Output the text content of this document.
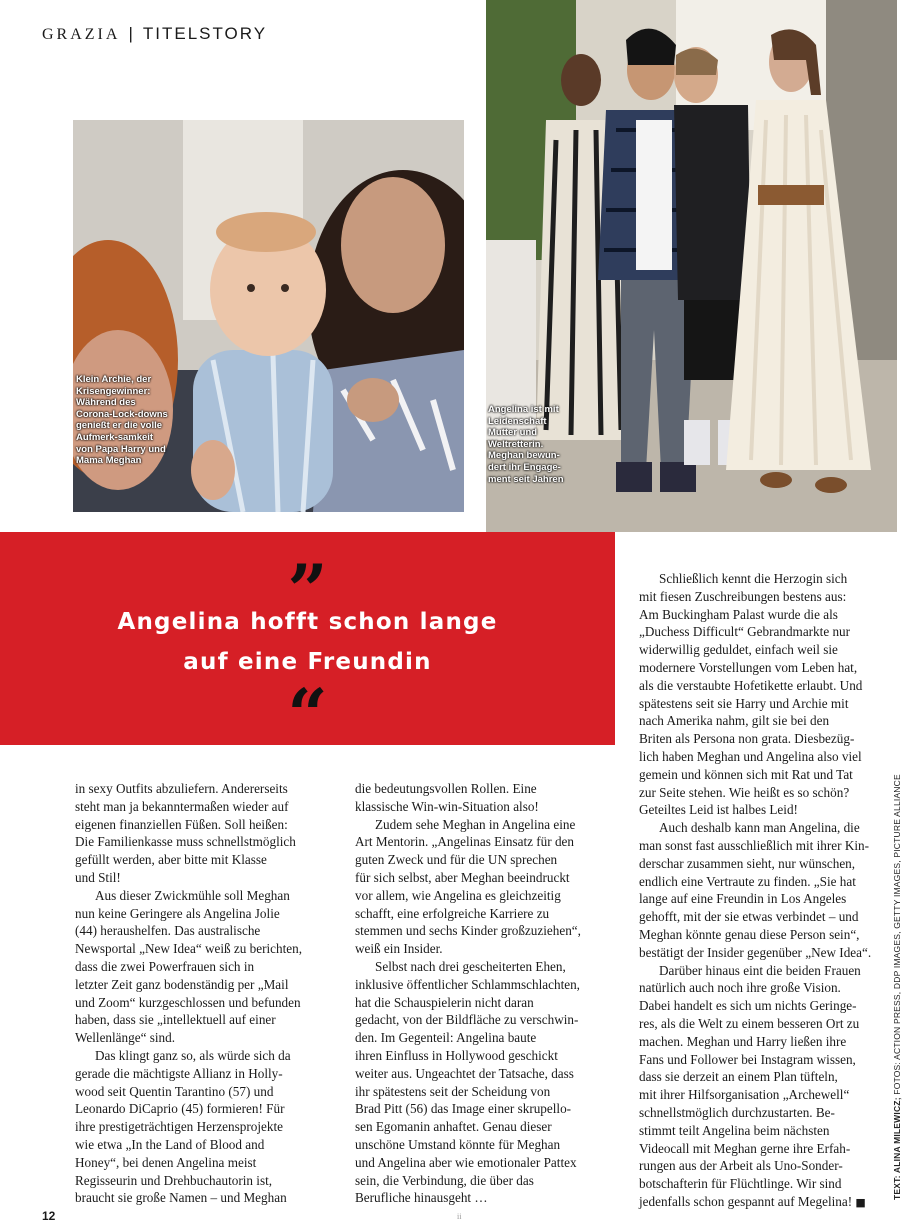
GRAZIA | TITELSTORY
Klein Archie, der Krisengewinner: Während des Corona-Lock-downs genießt er die volle Aufmerk-samkeit von Papa Harry und Mama Meghan
Angelina ist mit Leidenschaft Mutter und Weltretterin. Meghan bewun-dert ihr Engage-ment seit Jahren
”
Angelina hofft schon lange
auf eine Freundin
“

in sexy Outfits abzuliefern. Andererseits

steht man ja bekanntermaßen wieder auf

eigenen finanziellen Füßen. Soll heißen:

Die Familienkasse muss schnellstmöglich

gefüllt werden, aber bitte mit Klasse

und Stil!

Aus dieser Zwickmühle soll Meghan

nun keine Geringere als Angelina Jolie

(44) heraushelfen. Das australische

Newsportal „New Idea“ weiß zu berichten,

dass die zwei Powerfrauen sich in

letzter Zeit ganz bodenständig per „Mail

und Zoom“ kurzgeschlossen und befunden

haben, dass sie „intellektuell auf einer

Wellenlänge“ sind.

Das klingt ganz so, als würde sich da

gerade die mächtigste Allianz in Holly-

wood seit Quentin Tarantino (57) und

Leonardo DiCaprio (45) formieren! Für

ihre prestigeträchtigen Herzensprojekte

wie etwa „In the Land of Blood and

Honey“, bei denen Angelina meist

Regisseurin und Drehbuchautorin ist,

braucht sie große Namen – und Meghan

die bedeutungsvollen Rollen. Eine

klassische Win-win-Situation also!

Zudem sehe Meghan in Angelina eine

Art Mentorin. „Angelinas Einsatz für den

guten Zweck und für die UN sprechen

für sich selbst, aber Meghan beeindruckt

vor allem, wie Angelina es gleichzeitig

schafft, eine erfolgreiche Karriere zu

stemmen und sechs Kinder großzuziehen“,

weiß ein Insider.

Selbst nach drei gescheiterten Ehen,

inklusive öffentlicher Schlammschlachten,

hat die Schauspielerin nicht daran

gedacht, von der Bildfläche zu verschwin-

den. Im Gegenteil: Angelina baute

ihren Einfluss in Hollywood geschickt

weiter aus. Ungeachtet der Tatsache, dass

ihr spätestens seit der Scheidung von

Brad Pitt (56) das Image einer skrupello-

sen Egomanin anhaftet. Genau dieser

unschöne Umstand könnte für Meghan

und Angelina aber wie emotionaler Pattex

sein, die Verbindung, die über das

Berufliche hinausgeht …

Schließlich kennt die Herzogin sich

mit fiesen Zuschreibungen bestens aus:

Am Buckingham Palast wurde die als

„Duchess Difficult“ Gebrandmarkte nur

widerwillig geduldet, einfach weil sie

modernere Vorstellungen vom Leben hat,

als die verstaubte Hofetikette erlaubt. Und

spätestens seit sie Harry und Archie mit

nach Amerika nahm, gilt sie bei den

Briten als Persona non grata. Diesbezüg-

lich haben Meghan und Angelina also viel

gemein und können sich mit Rat und Tat

zur Seite stehen. Wie heißt es so schön?

Geteiltes Leid ist halbes Leid!

Auch deshalb kann man Angelina, die

man sonst fast ausschließlich mit ihrer Kin-

derschar zusammen sieht, nur wünschen,

endlich eine Vertraute zu finden. „Sie hat

lange auf eine Freundin in Los Angeles

gehofft, mit der sie etwas verbindet – und

Meghan könnte genau diese Person sein“,

bestätigt der Insider gegenüber „New Idea“.

Darüber hinaus eint die beiden Frauen

natürlich auch noch ihre große Vision.

Dabei handelt es sich um nichts Geringe-

res, als die Welt zu einem besseren Ort zu

machen. Meghan und Harry ließen ihre

Fans und Follower bei Instagram wissen,

dass sie derzeit an einem Plan tüfteln,

mit ihrer Hilfsorganisation „Archewell“

schnellstmöglich durchzustarten. Be-

stimmt teilt Angelina beim nächsten

Videocall mit Meghan gerne ihre Erfah-

rungen aus der Arbeit als Uno-Sonder-

botschafterin für Flüchtlinge. Wir sind

jedenfalls schon gespannt auf Megelina! ■

TEXT: ALINA MILEWICZ; FOTOS: ACTION PRESS, DDP IMAGES, GETTY IMAGES, PICTURE ALLIANCE
12	ii
